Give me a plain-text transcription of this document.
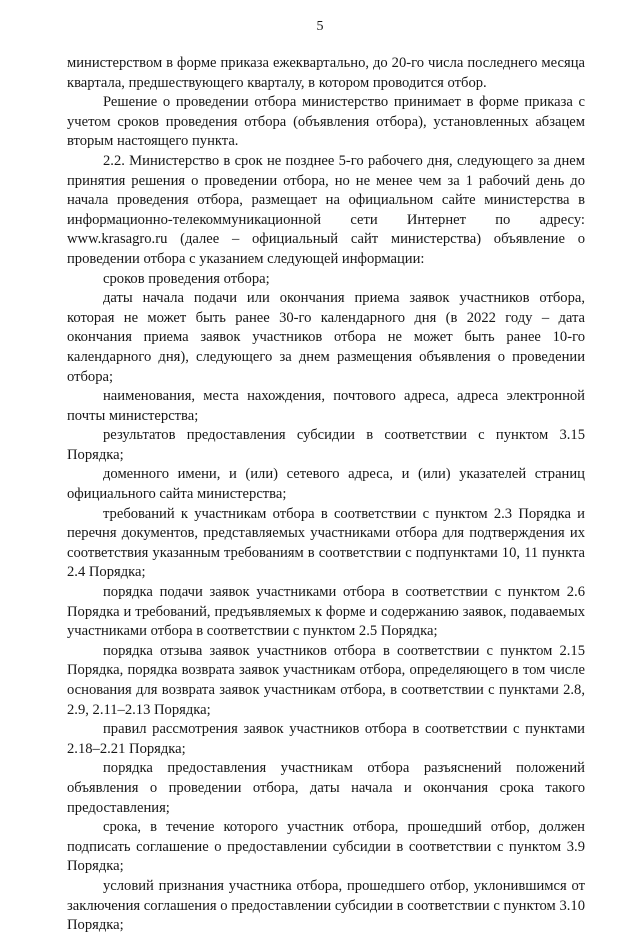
5

министерством в форме приказа ежеквартально, до 20-го числа последнего месяца квартала, предшествующего кварталу, в котором проводится отбор.

Решение о проведении отбора министерство принимает в форме приказа с учетом сроков проведения отбора (объявления отбора), установленных абзацем вторым настоящего пункта.

2.2. Министерство в срок не позднее 5-го рабочего дня, следующего за днем принятия решения о проведении отбора, но не менее чем за 1 рабочий день до начала проведения отбора, размещает на официальном сайте министерства в информационно-телекоммуникационной сети Интернет по адресу: www.krasagro.ru (далее – официальный сайт министерства) объявление о проведении отбора с указанием следующей информации:

сроков проведения отбора;

даты начала подачи или окончания приема заявок участников отбора, которая не может быть ранее 30-го календарного дня (в 2022 году – дата окончания приема заявок участников отбора не может быть ранее 10-го календарного дня), следующего за днем размещения объявления о проведении отбора;

наименования, места нахождения, почтового адреса, адреса электронной почты министерства;

результатов предоставления субсидии в соответствии с пунктом 3.15 Порядка;

доменного имени, и (или) сетевого адреса, и (или) указателей страниц официального сайта министерства;

требований к участникам отбора в соответствии с пунктом 2.3 Порядка и перечня документов, представляемых участниками отбора для подтверждения их соответствия указанным требованиям в соответствии с подпунктами 10, 11 пункта 2.4 Порядка;

порядка подачи заявок участниками отбора в соответствии с пунктом 2.6 Порядка и требований, предъявляемых к форме и содержанию заявок, подаваемых участниками отбора в соответствии с пунктом 2.5 Порядка;

порядка отзыва заявок участников отбора в соответствии с пунктом 2.15 Порядка, порядка возврата заявок участникам отбора, определяющего в том числе основания для возврата заявок участникам отбора, в соответствии с пунктами 2.8, 2.9, 2.11–2.13 Порядка;

правил рассмотрения заявок участников отбора в соответствии с пунктами 2.18–2.21 Порядка;

порядка предоставления участникам отбора разъяснений положений объявления о проведении отбора, даты начала и окончания срока такого предоставления;

срока, в течение которого участник отбора, прошедший отбор, должен подписать соглашение о предоставлении субсидии в соответствии с пунктом 3.9 Порядка;

условий признания участника отбора, прошедшего отбор, уклонившимся от заключения соглашения о предоставлении субсидии в соответствии с пунктом 3.10 Порядка;
